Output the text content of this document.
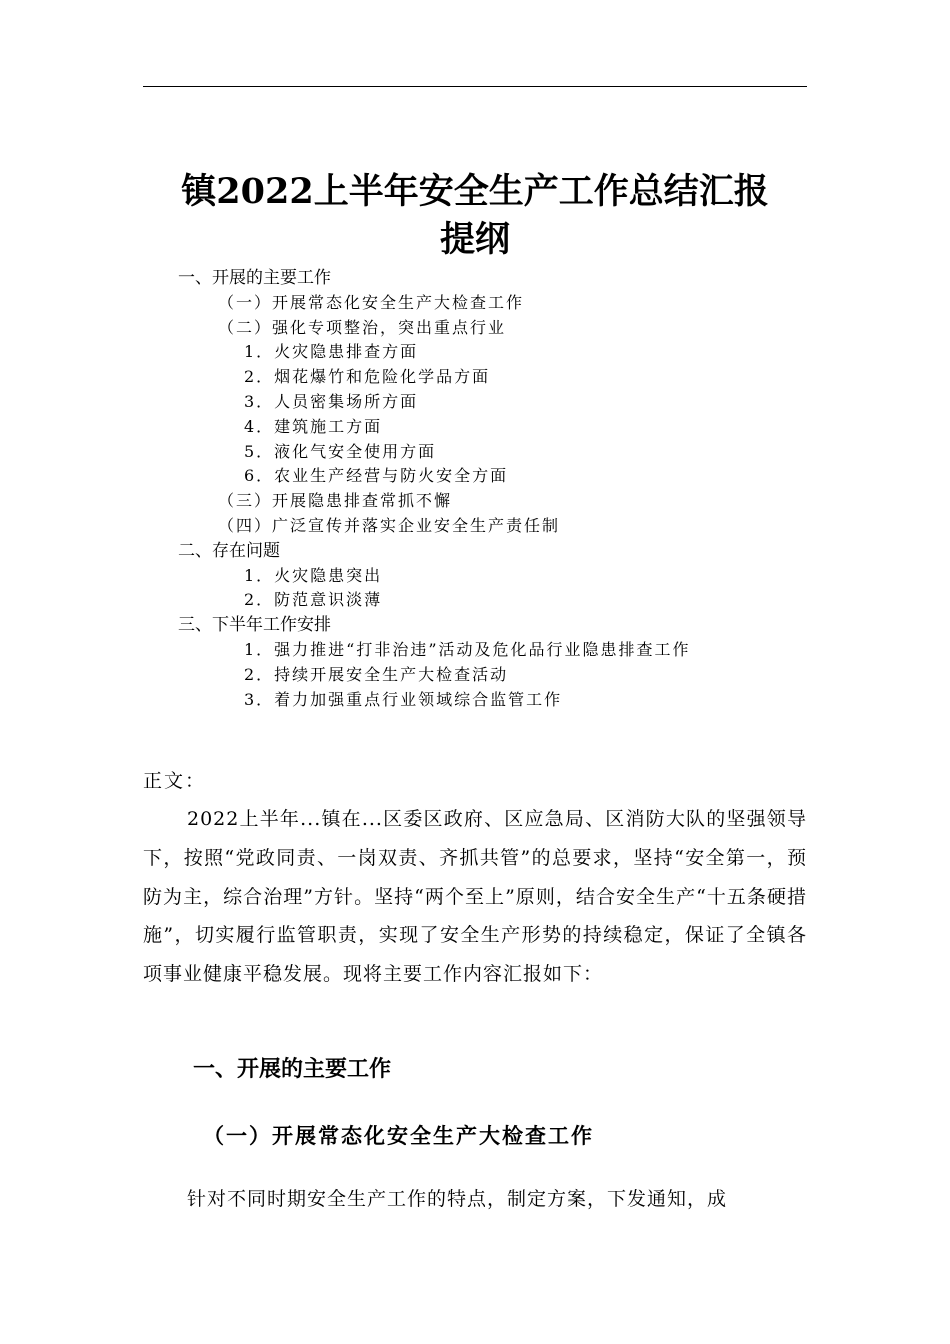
镇2022上半年安全生产工作总结汇报
提纲
一、开展的主要工作
（一）开展常态化安全生产大检查工作
（二）强化专项整治，突出重点行业
1．火灾隐患排查方面
2．烟花爆竹和危险化学品方面
3．人员密集场所方面
4．建筑施工方面
5．液化气安全使用方面
6．农业生产经营与防火安全方面
（三）开展隐患排查常抓不懈
（四）广泛宣传并落实企业安全生产责任制
二、存在问题
1．火灾隐患突出
2．防范意识淡薄
三、下半年工作安排
1．强力推进“打非治违”活动及危化品行业隐患排查工作
2．持续开展安全生产大检查活动
3．着力加强重点行业领域综合监管工作
正文：
2022上半年...镇在...区委区政府、区应急局、区消防大队的坚强领导下，按照“党政同责、一岗双责、齐抓共管”的总要求，坚持“安全第一，预防为主，综合治理”方针。坚持“两个至上”原则，结合安全生产“十五条硬措施”，切实履行监管职责，实现了安全生产形势的持续稳定，保证了全镇各项事业健康平稳发展。现将主要工作内容汇报如下：
一、开展的主要工作
（一）开展常态化安全生产大检查工作
针对不同时期安全生产工作的特点，制定方案，下发通知，成
